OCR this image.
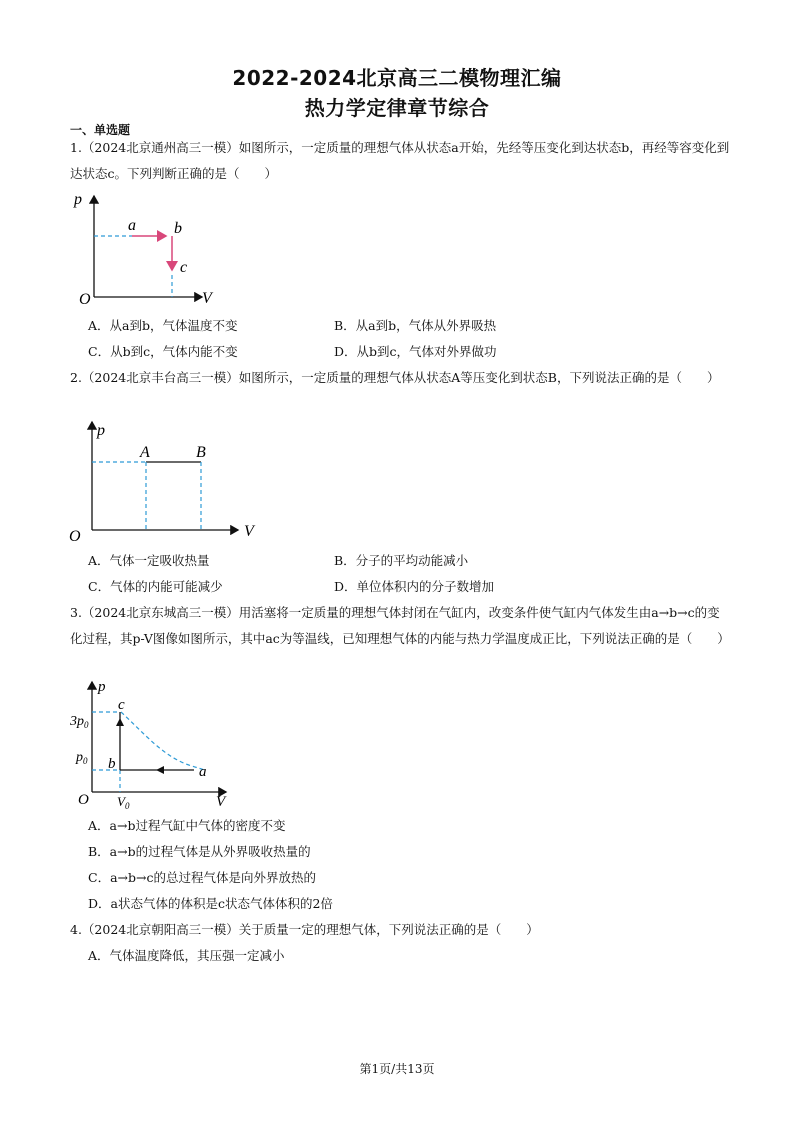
2022-2024北京高三二模物理汇编
热力学定律章节综合
一、单选题
1.（2024北京通州高三一模）如图所示，一定质量的理想气体从状态a开始，先经等压变化到达状态b，再经等容变化到达状态c。下列判断正确的是（　　）
p
O	V
a b
c
A．从a到b，气体温度不变	B．从a到b，气体从外界吸热
C．从b到c，气体内能不变	D．从b到c，气体对外界做功
2.（2024北京丰台高三一模）如图所示，一定质量的理想气体从状态A等压变化到状态B，下列说法正确的是（　　）
p
O	V
A	B
A．气体一定吸收热量	B．分子的平均动能减小
C．气体的内能可能减少	D．单位体积内的分子数增加
3.（2024北京东城高三一模）用活塞将一定质量的理想气体封闭在气缸内，改变条件使气缸内气体发生由a→b→c的变化过程，其p-V图像如图所示，其中ac为等温线，已知理想气体的内能与热力学温度成正比，下列说法正确的是（　　）
p
O	V
$3p_0$
$p_0$
$V_0$
c
b	a
A．a→b过程气缸中气体的密度不变
B．a→b的过程气体是从外界吸收热量的
C．a→b→c的总过程气体是向外界放热的
D．a状态气体的体积是c状态气体体积的2倍
4.（2024北京朝阳高三一模）关于质量一定的理想气体，下列说法正确的是（　　）
A．气体温度降低，其压强一定减小
第1页/共13页
